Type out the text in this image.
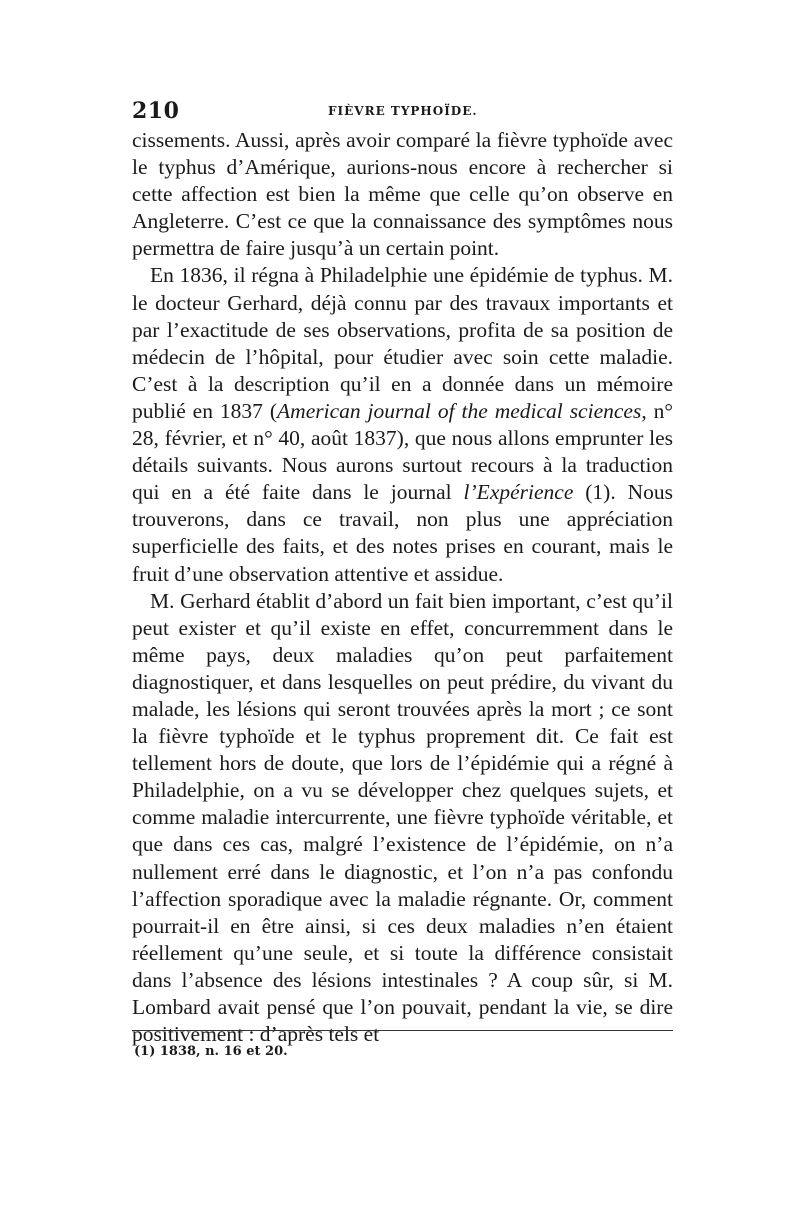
210	FIÈVRE TYPHOÏDE.

cissements. Aussi, après avoir comparé la fièvre typhoïde avec le typhus d’Amérique, aurions-nous encore à rechercher si cette affection est bien la même que celle qu’on observe en Angleterre. C’est ce que la connaissance des symptômes nous permettra de faire jusqu’à un certain point.

En 1836, il régna à Philadelphie une épidémie de typhus. M. le docteur Gerhard, déjà connu par des travaux importants et par l’exactitude de ses observations, profita de sa position de médecin de l’hôpital, pour étudier avec soin cette maladie. C’est à la description qu’il en a donnée dans un mémoire publié en 1837 (American journal of the medical sciences, n° 28, février, et n° 40, août 1837), que nous allons emprunter les détails suivants. Nous aurons surtout recours à la traduction qui en a été faite dans le journal l’Expérience (1). Nous trouverons, dans ce travail, non plus une appréciation superficielle des faits, et des notes prises en courant, mais le fruit d’une observation attentive et assidue.

M. Gerhard établit d’abord un fait bien important, c’est qu’il peut exister et qu’il existe en effet, concurremment dans le même pays, deux maladies qu’on peut parfaitement diagnostiquer, et dans lesquelles on peut prédire, du vivant du malade, les lésions qui seront trouvées après la mort ; ce sont la fièvre typhoïde et le typhus proprement dit. Ce fait est tellement hors de doute, que lors de l’épidémie qui a régné à Philadelphie, on a vu se développer chez quelques sujets, et comme maladie intercurrente, une fièvre typhoïde véritable, et que dans ces cas, malgré l’existence de l’épidémie, on n’a nullement erré dans le diagnostic, et l’on n’a pas confondu l’affection sporadique avec la maladie régnante. Or, comment pourrait-il en être ainsi, si ces deux maladies n’en étaient réellement qu’une seule, et si toute la différence consistait dans l’absence des lésions intestinales ? A coup sûr, si M. Lombard avait pensé que l’on pouvait, pendant la vie, se dire positivement : d’après tels et

(1) 1838, n. 16 et 20.
